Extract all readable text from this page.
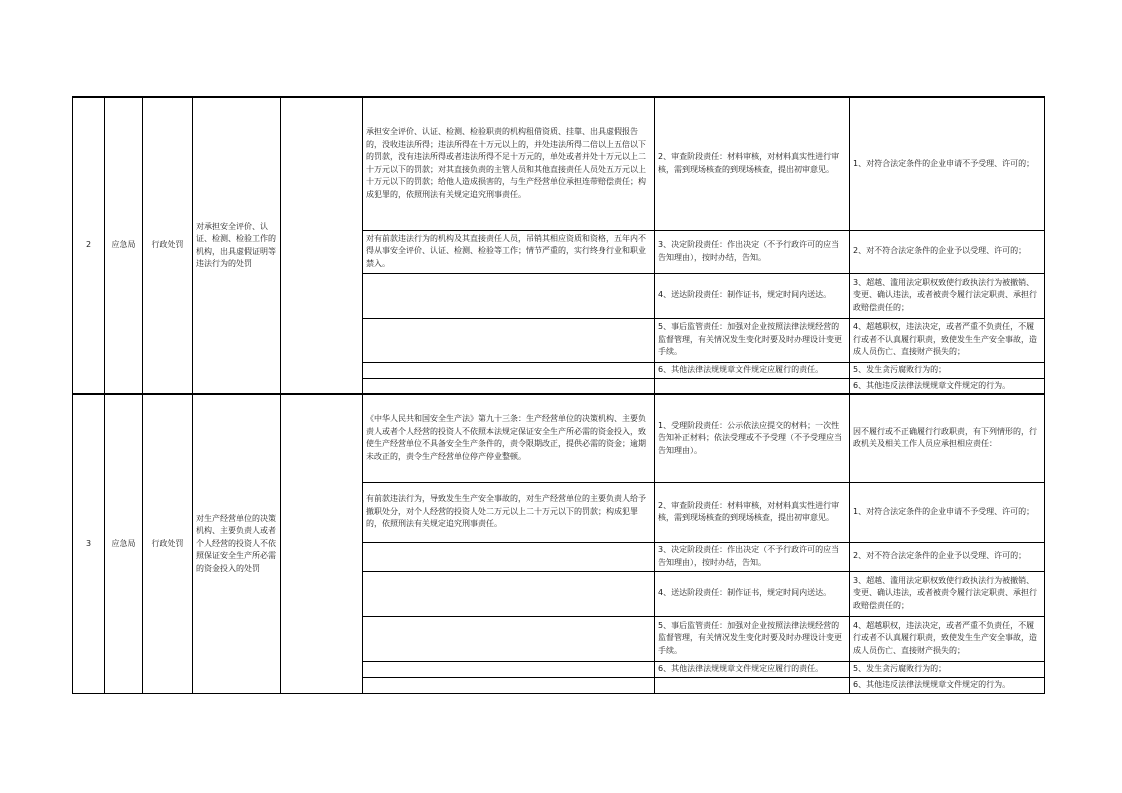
2	应急局	行政处罚	对承担安全评价、认证、检测、检验工作的机构，出具虚假证明等违法行为的处罚		承担安全评价、认证、检测、检验职责的机构租借资质、挂靠、出具虚假报告的，没收违法所得；违法所得在十万元以上的，并处违法所得二倍以上五倍以下的罚款，没有违法所得或者违法所得不足十万元的，单处或者并处十万元以上二十万元以下的罚款；对其直接负责的主管人员和其他直接责任人员处五万元以上十万元以下的罚款；给他人造成损害的，与生产经营单位承担连带赔偿责任；构成犯罪的，依照刑法有关规定追究刑事责任。	2、审查阶段责任：材料审核，对材料真实性进行审核，需到现场核查的到现场核查，提出初审意见。	1、对符合法定条件的企业申请不予受理、许可的；
					对有前款违法行为的机构及其直接责任人员，吊销其相应资质和资格，五年内不得从事安全评价、认证、检测、检验等工作；情节严重的，实行终身行业和职业禁入。	3、决定阶段责任：作出决定（不予行政许可的应当告知理由），按时办结，告知。	2、对不符合法定条件的企业予以受理、许可的；
						4、送达阶段责任：制作证书，规定时间内送达。	3、超越、滥用法定职权致使行政执法行为被撤销、变更、确认违法，或者被责令履行法定职责、承担行政赔偿责任的；
						5、事后监管责任：加强对企业按照法律法规经营的监督管理，有关情况发生变化时要及时办理设计变更手续。	4、超越职权，违法决定，或者严重不负责任，不履行或者不认真履行职责，致使发生生产安全事故，造成人员伤亡、直接财产损失的；
						6、其他法律法规规章文件规定应履行的责任。	5、发生贪污腐败行为的；
							6、其他违反法律法规规章文件规定的行为。
3	应急局	行政处罚	对生产经营单位的决策机构、主要负责人或者个人经营的投资人不依照保证安全生产所必需的资金投入的处罚		《中华人民共和国安全生产法》第九十三条：生产经营单位的决策机构、主要负责人或者个人经营的投资人不依照本法规定保证安全生产所必需的资金投入，致使生产经营单位不具备安全生产条件的，责令限期改正，提供必需的资金；逾期未改正的，责令生产经营单位停产停业整顿。	1、受理阶段责任：公示依法应提交的材料；一次性告知补正材料；依法受理或不予受理（不予受理应当告知理由）。	因不履行或不正确履行行政职责，有下列情形的，行政机关及相关工作人员应承担相应责任：
					有前款违法行为，导致发生生产安全事故的，对生产经营单位的主要负责人给予撤职处分，对个人经营的投资人处二万元以上二十万元以下的罚款；构成犯罪的，依照刑法有关规定追究刑事责任。	2、审查阶段责任：材料审核，对材料真实性进行审核，需到现场核查的到现场核查，提出初审意见。	1、对符合法定条件的企业申请不予受理、许可的；
						3、决定阶段责任：作出决定（不予行政许可的应当告知理由），按时办结，告知。	2、对不符合法定条件的企业予以受理、许可的；
						4、送达阶段责任：制作证书，规定时间内送达。	3、超越、滥用法定职权致使行政执法行为被撤销、变更、确认违法，或者被责令履行法定职责、承担行政赔偿责任的；
						5、事后监管责任：加强对企业按照法律法规经营的监督管理，有关情况发生变化时要及时办理设计变更手续。	4、超越职权，违法决定，或者严重不负责任，不履行或者不认真履行职责，致使发生生产安全事故，造成人员伤亡、直接财产损失的；
						6、其他法律法规规章文件规定应履行的责任。	5、发生贪污腐败行为的；
							6、其他违反法律法规规章文件规定的行为。
